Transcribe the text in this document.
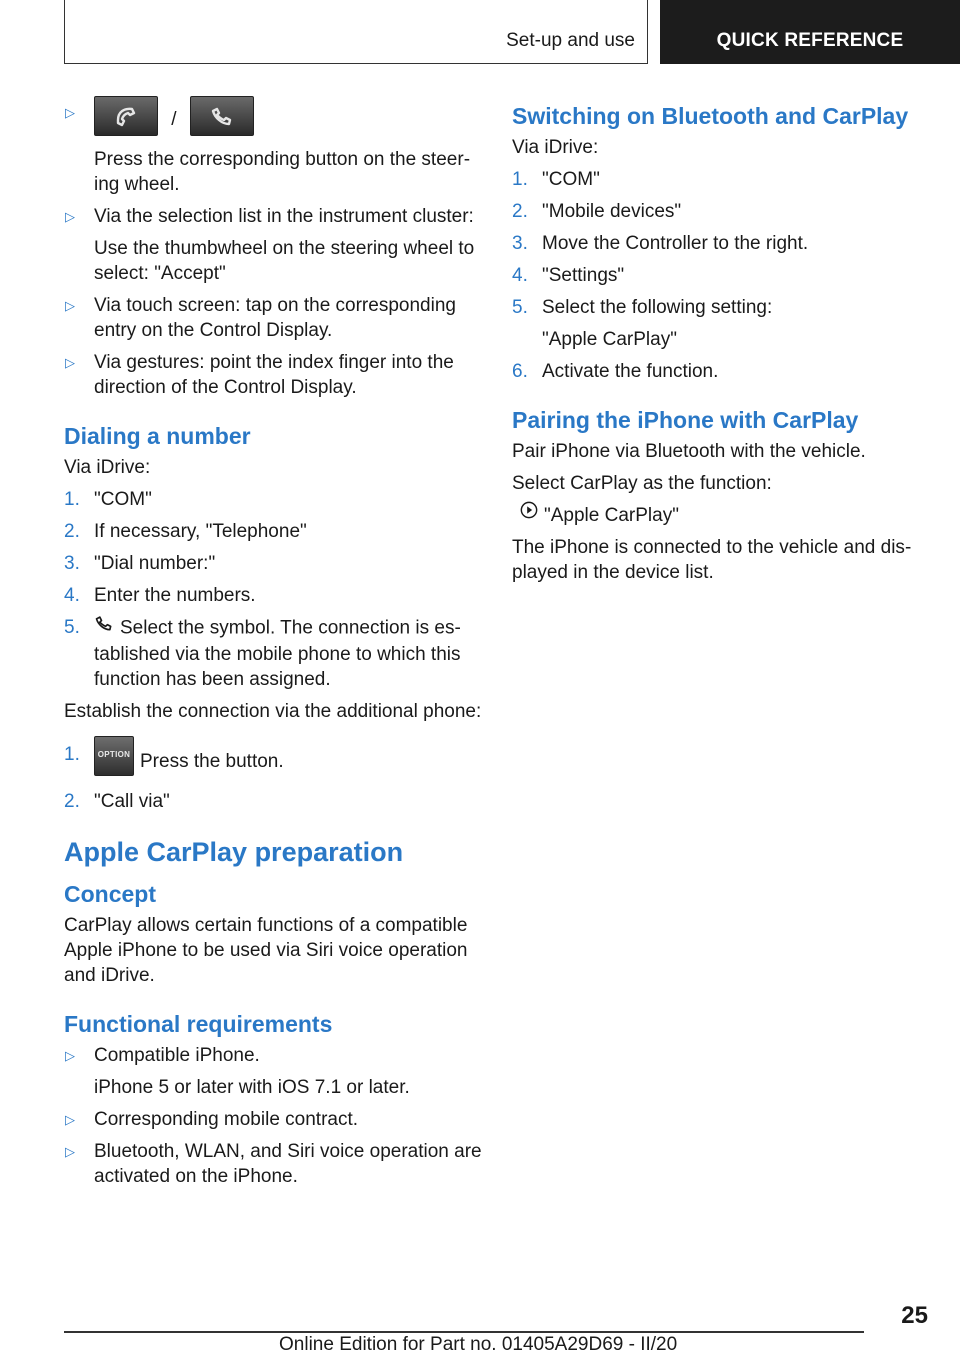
Set-up and use	QUICK REFERENCE
▷	/

Press the corresponding button on the steering wheel.

▷ Via the selection list in the instrument cluster:

Use the thumbwheel on the steering wheel to select: "Accept"

▷ Via touch screen: tap on the corresponding entry on the Control Display.

▷ Via gestures: point the index finger into the direction of the Control Display.

Dialing a number
Via iDrive:
1. "COM"

2. If necessary, "Telephone"

3. "Dial number:"

4. Enter the numbers.

5.	Select the symbol. The connection is established via the mobile phone to which this function has been assigned.

Establish the connection via the additional phone:
1.	OPTION Press the button.

2. "Call via"

Apple CarPlay preparation
Concept
CarPlay allows certain functions of a compatible Apple iPhone to be used via Siri voice operation and iDrive.
Functional requirements
▷ Compatible iPhone.

iPhone 5 or later with iOS 7.1 or later.

▷ Corresponding mobile contract.

▷ Bluetooth, WLAN, and Siri voice operation are activated on the iPhone.

Switching on Bluetooth and CarPlay
Via iDrive:
1. "COM"

2. "Mobile devices"

3. Move the Controller to the right.

4. "Settings"

5. Select the following setting:

"Apple CarPlay"

6. Activate the function.

Pairing the iPhone with CarPlay
Pair iPhone via Bluetooth with the vehicle.
Select CarPlay as the function:
"Apple CarPlay"
The iPhone is connected to the vehicle and displayed in the device list.
25
Online Edition for Part no. 01405A29D69 - II/20
